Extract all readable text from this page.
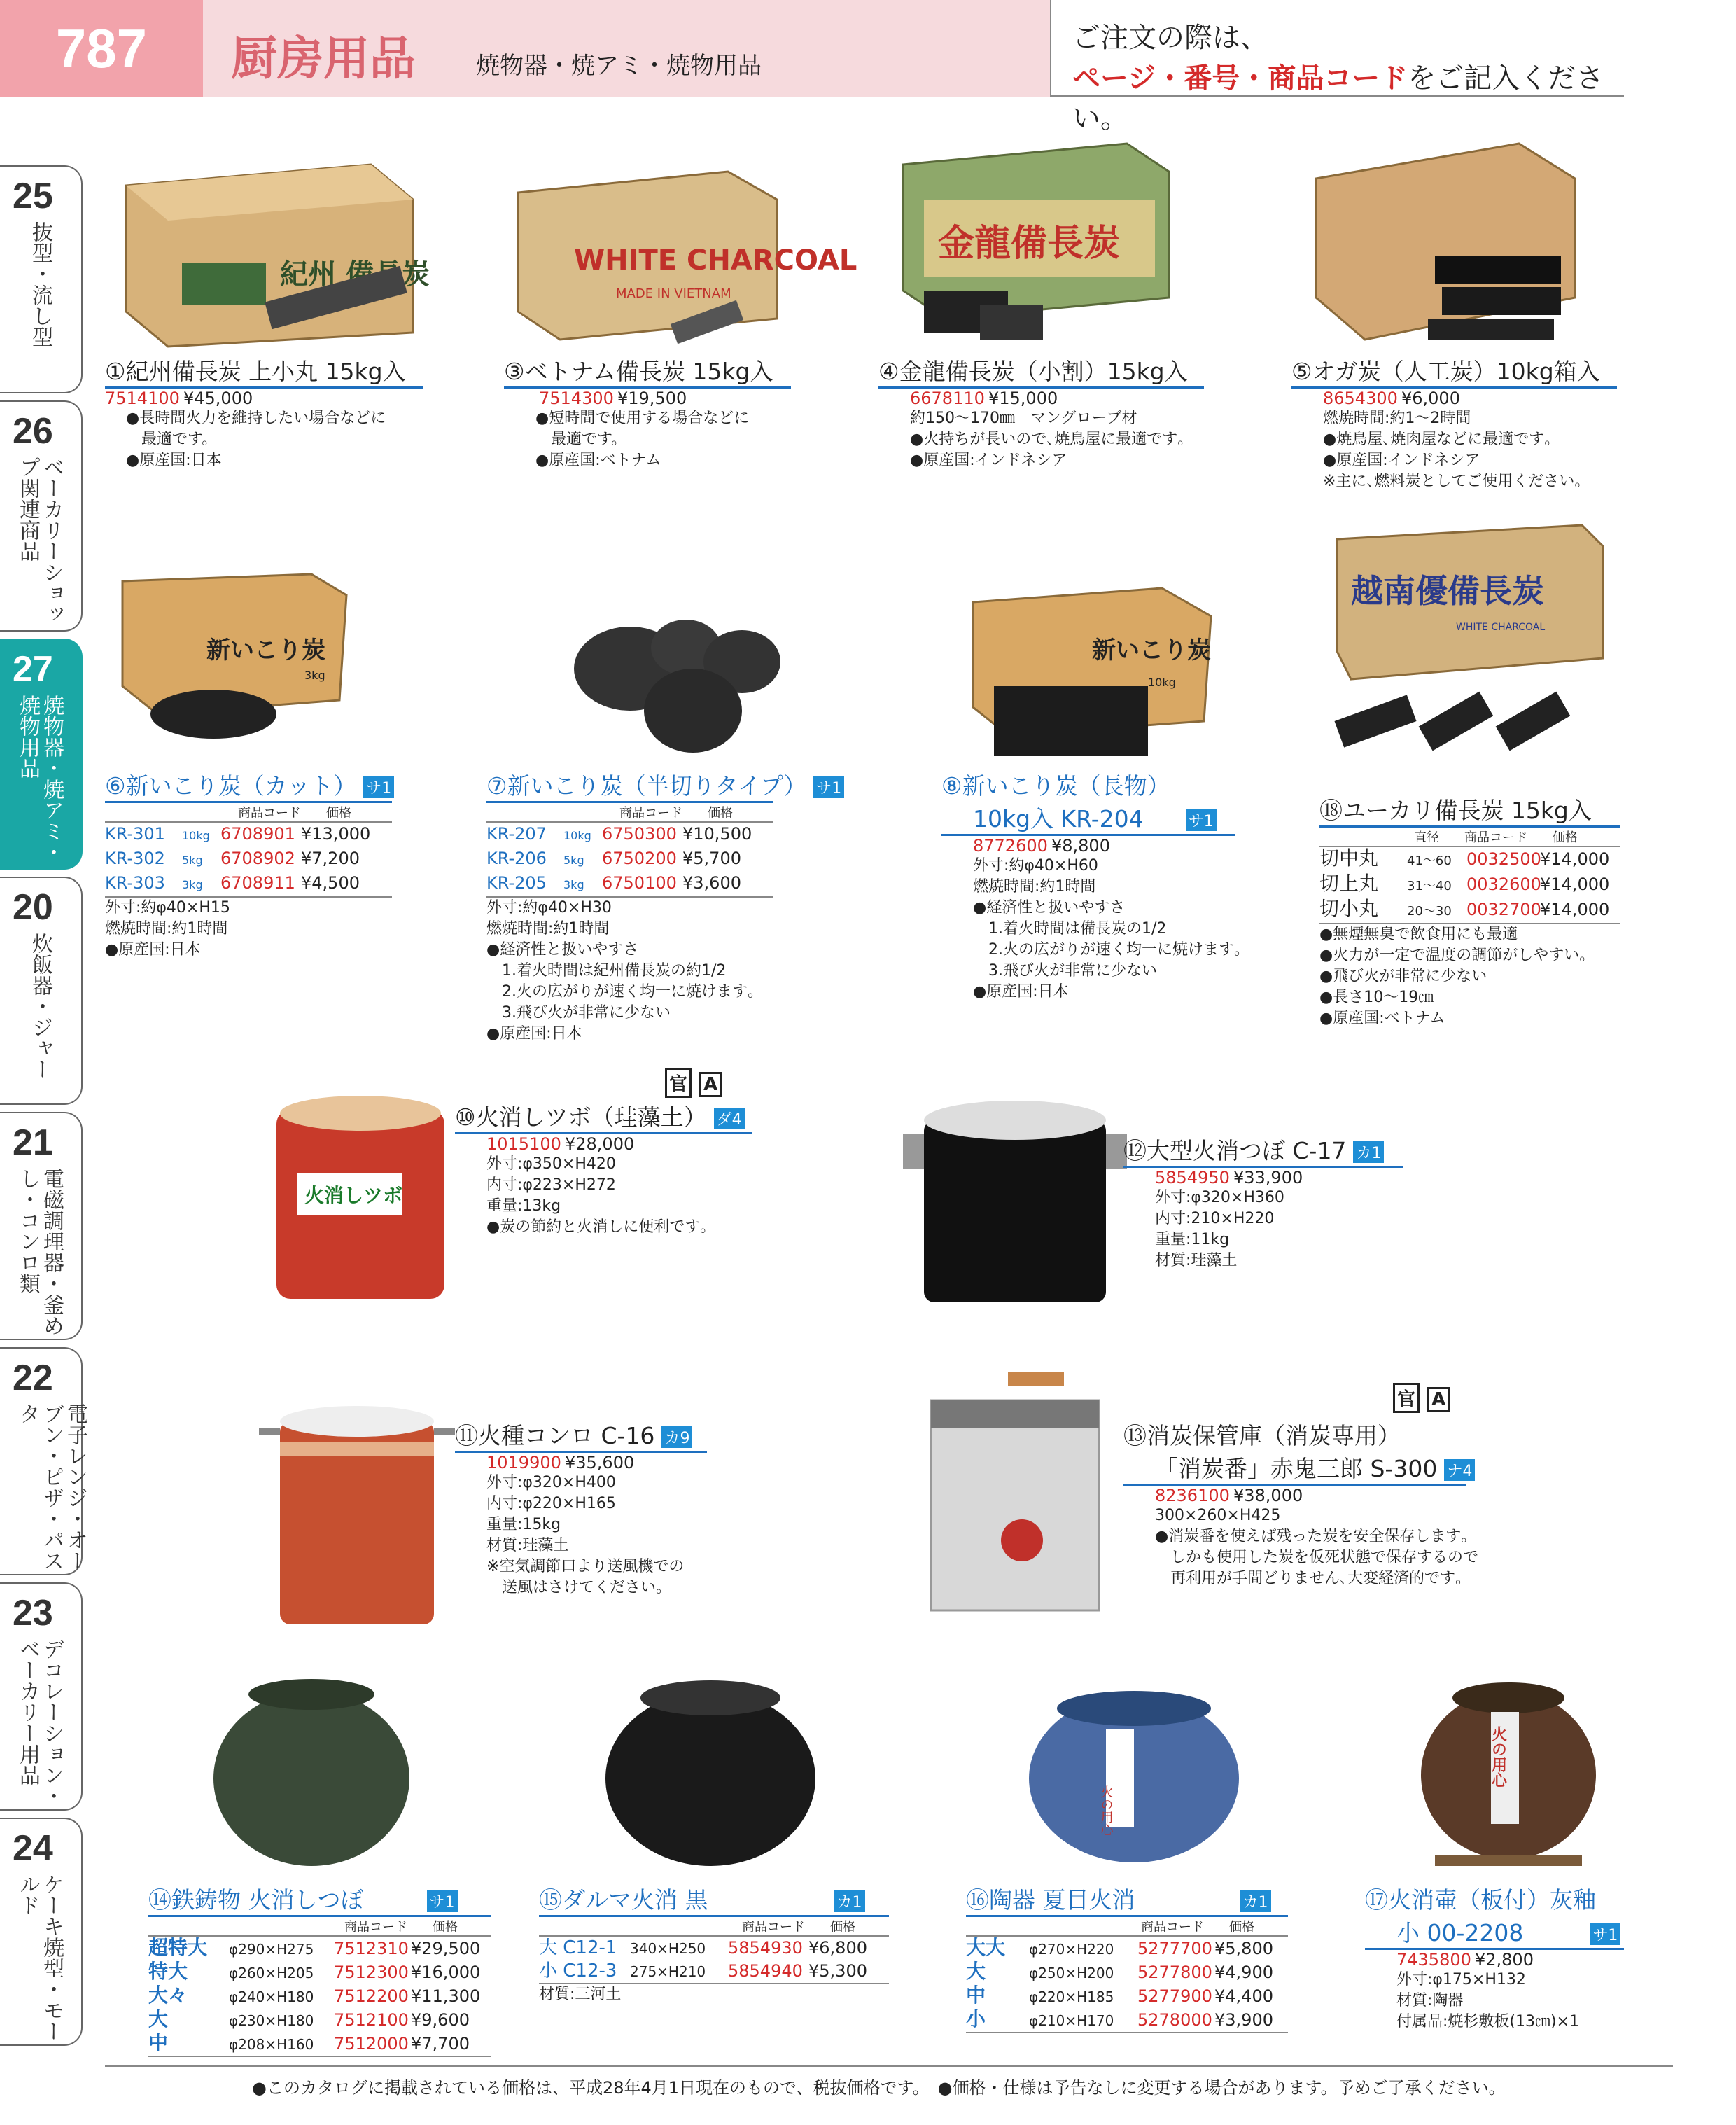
787	厨房用品	焼物器・焼アミ・焼物用品
ご注文の際は、
ページ・番号・商品コードをご記入ください。
25
抜型・流し型
26
ベーカリーショップ関連商品
27
焼物器・焼アミ・焼物用品
20
炊飯器・ジャー
21
電磁調理器・釜めし・コンロ類
22
電子レンジ・オーブン・ピザ・パスタ
23
デコレーション・ベーカリー用品
24
ケーキ焼型・モールド
紀州 備長炭	WHITE CHARCOAL
MADE IN VIETNAM
金龍備長炭
①紀州備長炭 上小丸 15kg入
7514100 ¥45,000
●長時間火力を維持したい場合などに
　最適です。
●原産国:日本
③ベトナム備長炭 15kg入
7514300 ¥19,500
●短時間で使用する場合などに
　最適です。
●原産国:ベトナム
④金龍備長炭（小割）15kg入
6678110 ¥15,000
約150～170㎜　マングローブ材
●火持ちが長いので､焼鳥屋に最適です｡
●原産国:インドネシア
⑤オガ炭（人工炭）10kg箱入
8654300 ¥6,000
燃焼時間:約1～2時間
●焼鳥屋､焼肉屋などに最適です｡
●原産国:インドネシア
※主に､燃料炭としてご使用ください｡
新いこり炭
3kg
新いこり炭
10kg
越南優備長炭
WHITE CHARCOAL
⑥新いこり炭（カット） サ1
商品コード　　 価格
KR-301 10kg 6708901 ¥13,000
KR-302 5kg 6708902 ¥7,200
KR-303 3kg 6708911 ¥4,500
外寸:約φ40×H15
燃焼時間:約1時間
●原産国:日本
⑦新いこり炭（半切りタイプ） サ1
商品コード　　 価格
KR-207 10kg 6750300 ¥10,500
KR-206 5kg 6750200 ¥5,700
KR-205 3kg 6750100 ¥3,600
外寸:約φ40×H30
燃焼時間:約1時間
●経済性と扱いやすさ
　1.着火時間は紀州備長炭の約1/2
　2.火の広がりが速く均一に焼けます｡
　3.飛び火が非常に少ない
●原産国:日本
⑧新いこり炭（長物）
10kg入 KR-204	サ1
8772600 ¥8,800
外寸:約φ40×H60
燃焼時間:約1時間
●経済性と扱いやすさ
　1.着火時間は備長炭の1/2
　2.火の広がりが速く均一に焼けます｡
　3.飛び火が非常に少ない
●原産国:日本
⑱ユーカリ備長炭 15kg入
直径　　 商品コード　　 価格
切中丸 41～60 0032500¥14,000
切上丸 31～40 0032600¥14,000
切小丸 20～30 0032700¥14,000
●無煙無臭で飲食用にも最適
●火力が一定で温度の調節がしやすい｡
●飛び火が非常に少ない
●長さ10～19㎝
●原産国:ベトナム
火消しツボ
官 A
⑩火消しツボ（珪藻土） ダ4
1015100 ¥28,000
外寸:φ350×H420
内寸:φ223×H272
重量:13kg
●炭の節約と火消しに便利です｡
⑫大型火消つぼ C-17 カ1
5854950 ¥33,900
外寸:φ320×H360
内寸:210×H220
重量:11kg
材質:珪藻土
⑪火種コンロ C-16 カ9
1019900 ¥35,600
外寸:φ320×H400
内寸:φ220×H165
重量:15kg
材質:珪藻土
※空気調節口より送風機での
　送風はさけてください｡
官 A
⑬消炭保管庫（消炭専用）
「消炭番」赤鬼三郎 S-300 ナ4
8236100 ¥38,000
300×260×H425
●消炭番を使えば残った炭を安全保存します｡
　しかも使用した炭を仮死状態で保存するので
　再利用が手間どりません､大変経済的です｡
火の用心
火の用心
⑭鉄鋳物 火消しつぼ	サ1
商品コード　　 価格
超特大 φ290×H275 7512310 ¥29,500
特大	φ260×H205 7512300 ¥16,000
大々	φ240×H180 7512200 ¥11,300
大	φ230×H180 7512100 ¥9,600
中	φ208×H160 7512000 ¥7,700
⑮ダルマ火消 黒	カ1
商品コード　　 価格
大 C12-1 340×H250 5854930 ¥6,800
小 C12-3 275×H210 5854940 ¥5,300
材質:三河土
⑯陶器 夏目火消	カ1
商品コード　　 価格
大大 φ270×H220 5277700 ¥5,800
大	φ250×H200 5277800 ¥4,900
中	φ220×H185 5277900 ¥4,400
小	φ210×H170 5278000 ¥3,900
⑰火消壷（板付）灰釉
小 00-2208	サ1
7435800 ¥2,800
外寸:φ175×H132
材質:陶器
付属品:焼杉敷板(13㎝)×1
●このカタログに掲載されている価格は、平成28年4月1日現在のもので、税抜価格です。　●価格・仕様は予告なしに変更する場合があります。予めご了承ください。
